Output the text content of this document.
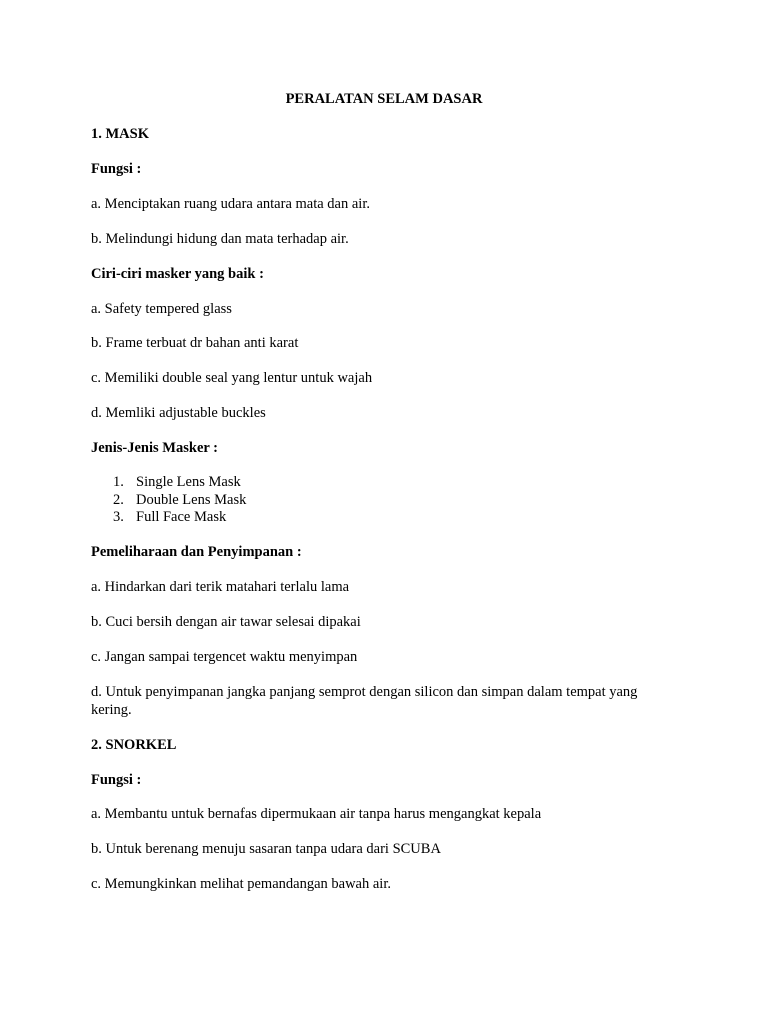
PERALATAN SELAM DASAR
1. MASK
Fungsi :
a. Menciptakan ruang udara antara mata dan air.
b. Melindungi hidung dan mata terhadap air.
Ciri-ciri masker yang baik :
a. Safety tempered glass
b. Frame terbuat dr bahan anti karat
c. Memiliki double seal yang lentur untuk wajah
d. Memliki adjustable buckles
Jenis-Jenis Masker :
1. Single Lens Mask
2. Double Lens Mask
3. Full Face Mask
Pemeliharaan dan Penyimpanan :
a. Hindarkan dari terik matahari terlalu lama
b. Cuci bersih dengan air tawar selesai dipakai
c. Jangan sampai tergencet waktu menyimpan
d. Untuk penyimpanan jangka panjang semprot dengan silicon dan simpan dalam tempat yang kering.
2. SNORKEL
Fungsi :
a. Membantu untuk bernafas dipermukaan air tanpa harus mengangkat kepala
b. Untuk berenang menuju sasaran tanpa udara dari SCUBA
c. Memungkinkan melihat pemandangan bawah air.
